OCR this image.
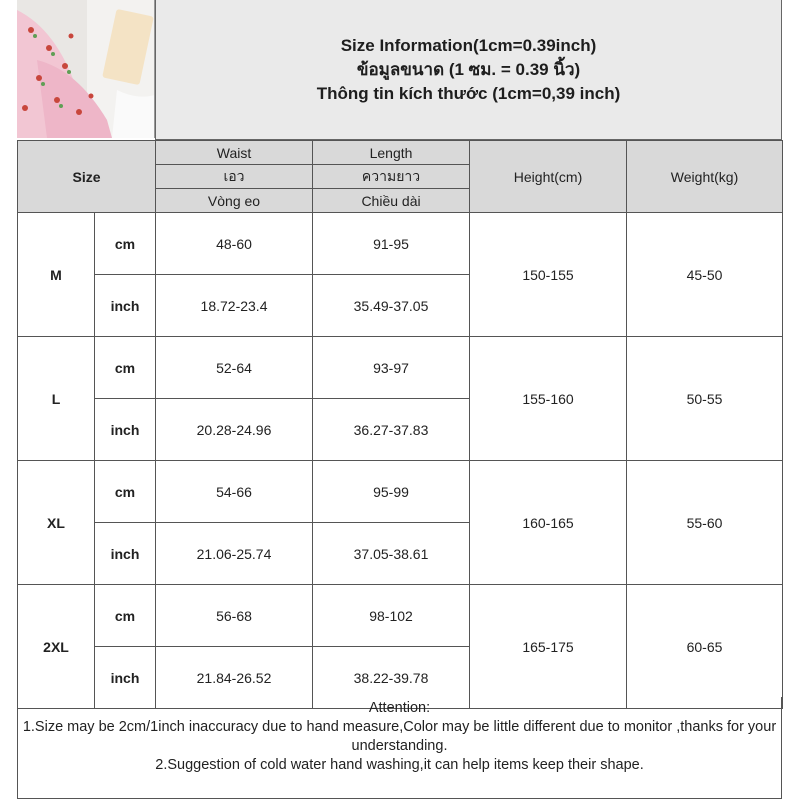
Size Information(1cm=0.39inch)
ข้อมูลขนาด (1 ซม. = 0.39 นิ้ว)
Thông tin kích thước (1cm=0,39 inch)
Size		Waist	Length	Height(cm)	Weight(kg)
		เอว	ความยาว		
		Vòng eo	Chiều dài		
M	cm	48-60	91-95	150-155	45-50
	inch	18.72-23.4	35.49-37.05		
L	cm	52-64	93-97	155-160	50-55
	inch	20.28-24.96	36.27-37.83		
XL	cm	54-66	95-99	160-165	55-60
	inch	21.06-25.74	37.05-38.61		
2XL	cm	56-68	98-102	165-175	60-65
	inch	21.84-26.52	38.22-39.78		
Attention:
1.Size may be 2cm/1inch inaccuracy due to hand measure,Color may be little different due to monitor ,thanks for your understanding.
2.Suggestion of cold water hand washing,it can help items keep their shape.
